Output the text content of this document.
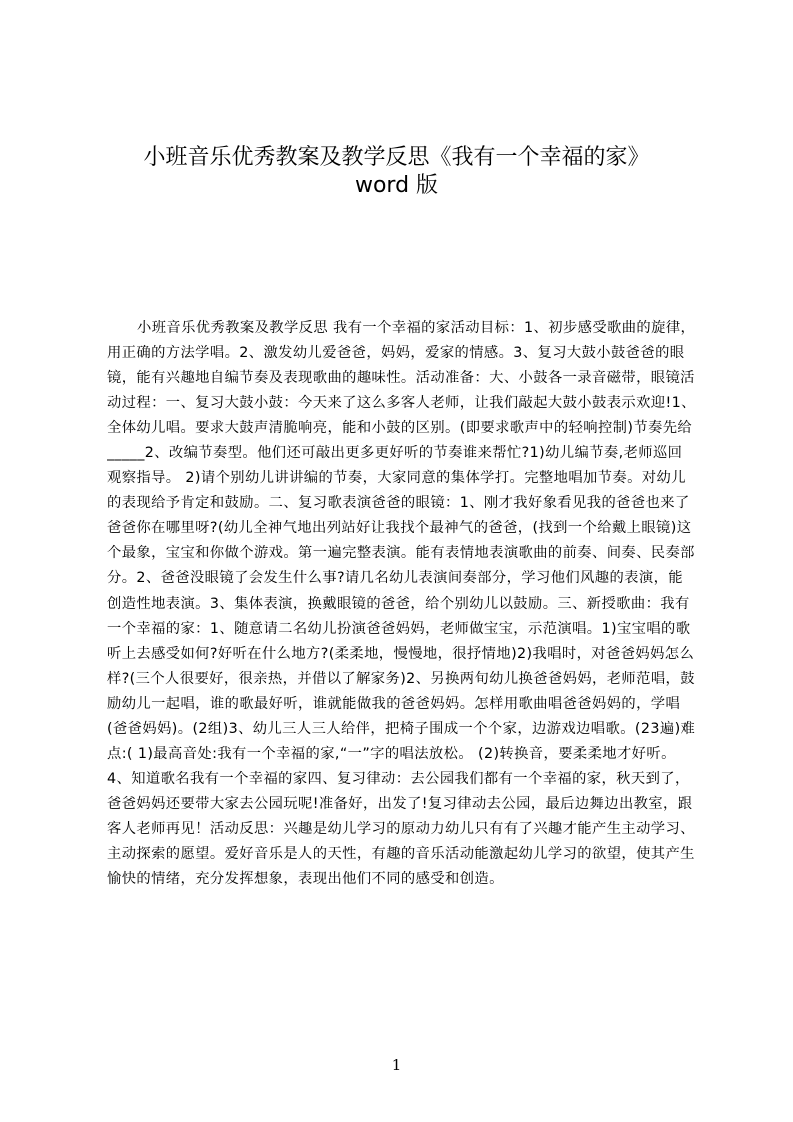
小班音乐优秀教案及教学反思《我有一个幸福的家》
word 版
小班音乐优秀教案及教学反思 我有一个幸福的家活动目标：1、初步感受歌曲的旋律，用正确的方法学唱。2、激发幼儿爱爸爸，妈妈，爱家的情感。3、复习大鼓小鼓爸爸的眼镜，能有兴趣地自编节奏及表现歌曲的趣味性。活动准备：大、小鼓各一录音磁带，眼镜活动过程：一、复习大鼓小鼓：今天来了这么多客人老师，让我们敲起大鼓小鼓表示欢迎!1、全体幼儿唱。要求大鼓声清脆响亮，能和小鼓的区别。(即要求歌声中的轻响控制)节奏先给_____2、改编节奏型。他们还可敲出更多更好听的节奏谁来帮忙?1)幼儿编节奏,老师巡回观察指导。 2)请个别幼儿讲讲编的节奏，大家同意的集体学打。完整地唱加节奏。对幼儿的表现给予肯定和鼓励。二、复习歌表演爸爸的眼镜：1、刚才我好象看见我的爸爸也来了爸爸你在哪里呀?(幼儿全神气地出列站好让我找个最神气的爸爸，(找到一个给戴上眼镜)这个最象，宝宝和你做个游戏。第一遍完整表演。能有表情地表演歌曲的前奏、间奏、民奏部分。2、爸爸没眼镜了会发生什么事?请几名幼儿表演间奏部分，学习他们风趣的表演，能创造性地表演。3、集体表演，换戴眼镜的爸爸，给个别幼儿以鼓励。三、新授歌曲：我有一个幸福的家：1、随意请二名幼儿扮演爸爸妈妈，老师做宝宝，示范演唱。1)宝宝唱的歌听上去感受如何?好听在什么地方?(柔柔地，慢慢地，很抒情地)2)我唱时，对爸爸妈妈怎么样?(三个人很要好，很亲热，并借以了解家务)2、另换两旬幼儿换爸爸妈妈，老师范唱，鼓励幼儿一起唱，谁的歌最好听，谁就能做我的爸爸妈妈。怎样用歌曲唱爸爸妈妈的，学唱(爸爸妈妈)。(2组)3、幼儿三人三人给伴，把椅子围成一个个家，边游戏边唱歌。(23遍)难点:( 1)最高音处:我有一个幸福的家,“一”字的唱法放松。 (2)转换音，要柔柔地才好听。4、知道歌名我有一个幸福的家四、复习律动：去公园我们都有一个幸福的家，秋天到了，爸爸妈妈还要带大家去公园玩呢!准备好，出发了!复习律动去公园，最后边舞边出教室，跟客人老师再见！活动反思：兴趣是幼儿学习的原动力幼儿只有有了兴趣才能产生主动学习、主动探索的愿望。爱好音乐是人的天性，有趣的音乐活动能激起幼儿学习的欲望，使其产生愉快的情绪，充分发挥想象，表现出他们不同的感受和创造。
1
